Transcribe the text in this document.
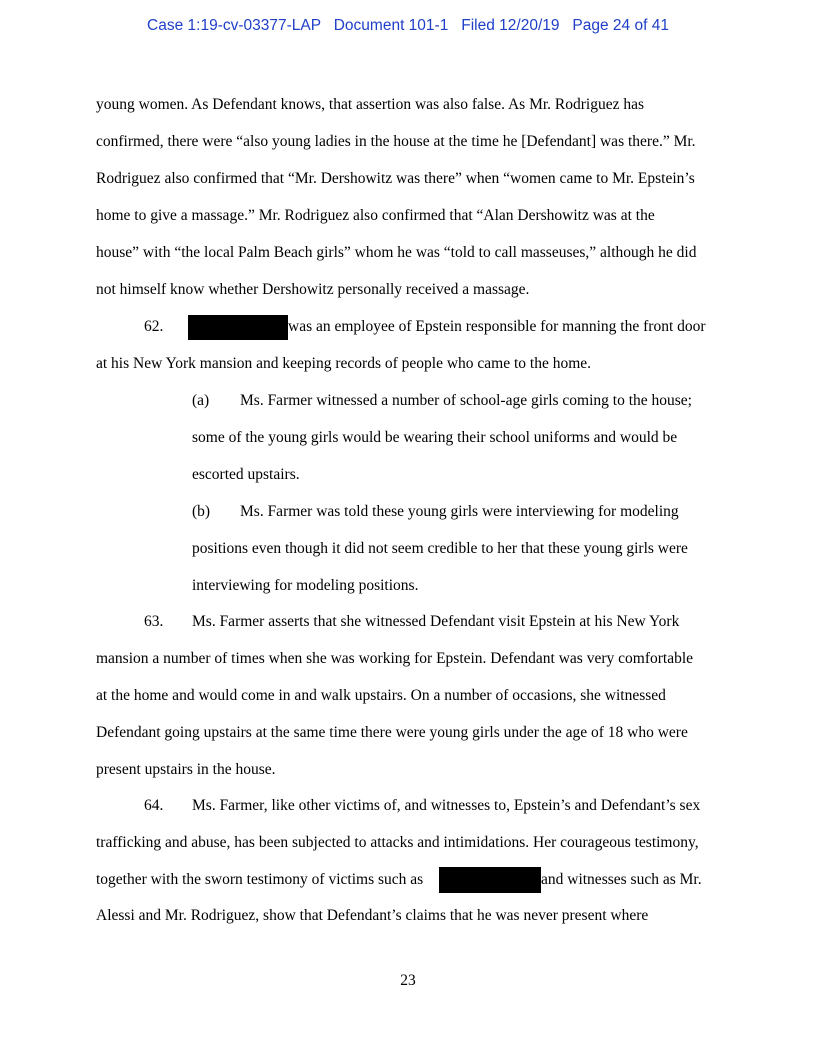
Case 1:19-cv-03377-LAP Document 101-1 Filed 12/20/19 Page 24 of 41
young women. As Defendant knows, that assertion was also false. As Mr. Rodriguez has
confirmed, there were “also young ladies in the house at the time he [Defendant] was there.” Mr.
Rodriguez also confirmed that “Mr. Dershowitz was there” when “women came to Mr. Epstein’s
home to give a massage.” Mr. Rodriguez also confirmed that “Alan Dershowitz was at the
house” with “the local Palm Beach girls” whom he was “told to call masseuses,” although he did
not himself know whether Dershowitz personally received a massage.
62.	was an employee of Epstein responsible for manning the front door
at his New York mansion and keeping records of people who came to the home.
(a) Ms. Farmer witnessed a number of school-age girls coming to the house;
some of the young girls would be wearing their school uniforms and would be
escorted upstairs.
(b) Ms. Farmer was told these young girls were interviewing for modeling
positions even though it did not seem credible to her that these young girls were
interviewing for modeling positions.
63. Ms. Farmer asserts that she witnessed Defendant visit Epstein at his New York
mansion a number of times when she was working for Epstein. Defendant was very comfortable
at the home and would come in and walk upstairs. On a number of occasions, she witnessed
Defendant going upstairs at the same time there were young girls under the age of 18 who were
present upstairs in the house.
64. Ms. Farmer, like other victims of, and witnesses to, Epstein’s and Defendant’s sex
trafficking and abuse, has been subjected to attacks and intimidations. Her courageous testimony,
together with the sworn testimony of victims such as	and witnesses such as Mr.
Alessi and Mr. Rodriguez, show that Defendant’s claims that he was never present where
23
